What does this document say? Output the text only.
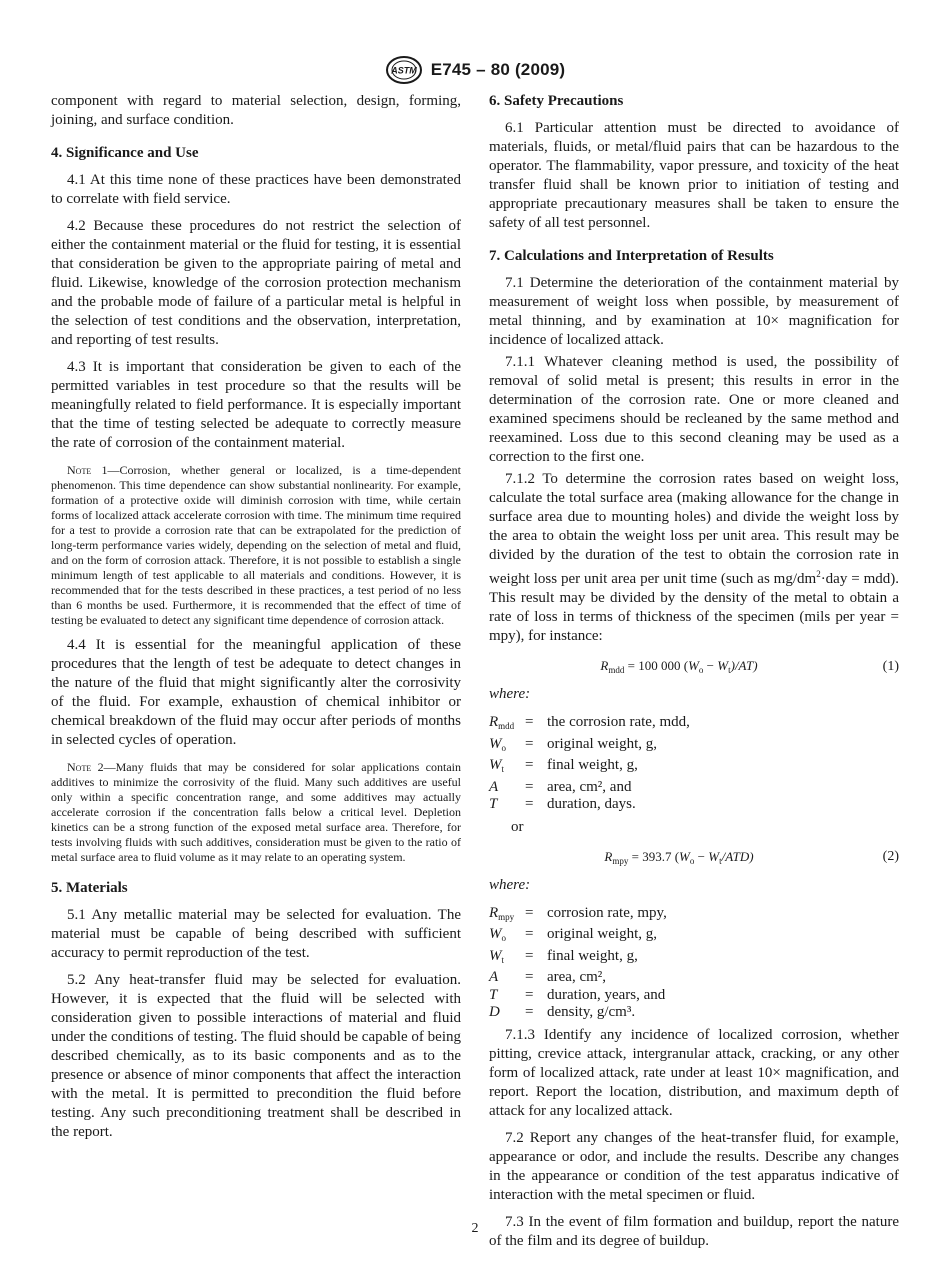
ASTM E745 – 80 (2009)

component with regard to material selection, design, forming, joining, and surface condition.

4. Significance and Use

4.1 At this time none of these practices have been demonstrated to correlate with field service.

4.2 Because these procedures do not restrict the selection of either the containment material or the fluid for testing, it is essential that consideration be given to the appropriate pairing of metal and fluid. Likewise, knowledge of the corrosion protection mechanism and the probable mode of failure of a particular metal is helpful in the selection of test conditions and the observation, interpretation, and reporting of test results.

4.3 It is important that consideration be given to each of the permitted variables in test procedure so that the results will be meaningfully related to field performance. It is especially important that the time of testing selected be adequate to correctly measure the rate of corrosion of the containment material.

Note 1—Corrosion, whether general or localized, is a time-dependent phenomenon. This time dependence can show substantial nonlinearity. For example, formation of a protective oxide will diminish corrosion with time, while certain forms of localized attack accelerate corrosion with time. The minimum time required for a test to provide a corrosion rate that can be extrapolated for the prediction of long-term performance varies widely, depending on the selection of metal and fluid, and on the form of corrosion attack. Therefore, it is not possible to establish a single minimum length of test applicable to all materials and conditions. However, it is recommended that for the tests described in these practices, a test period of no less than 6 months be used. Furthermore, it is recommended that the effect of time of testing be evaluated to detect any significant time dependence of corrosion attack.

4.4 It is essential for the meaningful application of these procedures that the length of test be adequate to detect changes in the nature of the fluid that might significantly alter the corrosivity of the fluid. For example, exhaustion of chemical inhibitor or chemical breakdown of the fluid may occur after periods of months in selected cycles of operation.

Note 2—Many fluids that may be considered for solar applications contain additives to minimize the corrosivity of the fluid. Many such additives are useful only within a specific concentration range, and some additives may actually accelerate corrosion if the concentration falls below a critical level. Depletion kinetics can be a strong function of the exposed metal surface area. Therefore, for tests involving fluids with such additives, consideration must be given to the ratio of metal surface area to fluid volume as it may relate to an operating system.
5. Materials

5.1 Any metallic material may be selected for evaluation. The material must be capable of being described with sufficient accuracy to permit reproduction of the test.

5.2 Any heat-transfer fluid may be selected for evaluation. However, it is expected that the fluid will be selected with consideration given to possible interactions of material and fluid under the conditions of testing. The fluid should be capable of being described chemically, as to its basic components and as to the presence or absence of minor components that affect the interaction with the metal. It is permitted to precondition the fluid before testing. Any such preconditioning treatment shall be described in the report.

6. Safety Precautions

6.1 Particular attention must be directed to avoidance of materials, fluids, or metal/fluid pairs that can be hazardous to the operator. The flammability, vapor pressure, and toxicity of the heat transfer fluid shall be known prior to initiation of testing and appropriate precautionary measures shall be taken to ensure the safety of all test personnel.

7. Calculations and Interpretation of Results

7.1 Determine the deterioration of the containment material by measurement of weight loss when possible, by measurement of metal thinning, and by examination at 10× magnification for incidence of localized attack.

7.1.1 Whatever cleaning method is used, the possibility of removal of solid metal is present; this results in error in the determination of the corrosion rate. One or more cleaned and examined specimens should be recleaned by the same method and reexamined. Loss due to this second cleaning may be used as a correction to the first one.

7.1.2 To determine the corrosion rates based on weight loss, calculate the total surface area (making allowance for the change in surface area due to mounting holes) and divide the weight loss by the area to obtain the weight loss per unit area. This result may be divided by the duration of the test to obtain the corrosion rate in weight loss per unit area per unit time (such as $mg/dm^2\cdot day = mdd$). This result may be divided by the density of the metal to obtain a rate of loss in terms of thickness of the specimen (mils per year = mpy), for instance:

$R_{mdd} = 100$ 000 $(W_o - W_t)/AT$)	(1)
where:
$R_{mdd}$	=	the corrosion rate, mdd,
$W_o$	=	original weight, g,
$W_t$	=	final weight, g,
A	=	area, cm², and
T	=	duration, days.
or
$R_{mpy} = 393.7$ $(W_o - W_t/ATD)$	(2)
where:
$R_{mpy}$	=	corrosion rate, mpy,
$W_o$	=	original weight, g,
$W_t$	=	final weight, g,
A	=	area, cm²,
T	=	duration, years, and
D	=	density, g/cm³.

7.1.3 Identify any incidence of localized corrosion, whether pitting, crevice attack, intergranular attack, cracking, or any other form of localized attack, rate under at least 10× magnification, and report. Report the location, distribution, and maximum depth of attack for any localized attack.

7.2 Report any changes of the heat-transfer fluid, for example, appearance or odor, and include the results. Describe any changes in the appearance or condition of the test apparatus indicative of interaction with the metal specimen or fluid.

7.3 In the event of film formation and buildup, report the nature of the film and its degree of buildup.

2
